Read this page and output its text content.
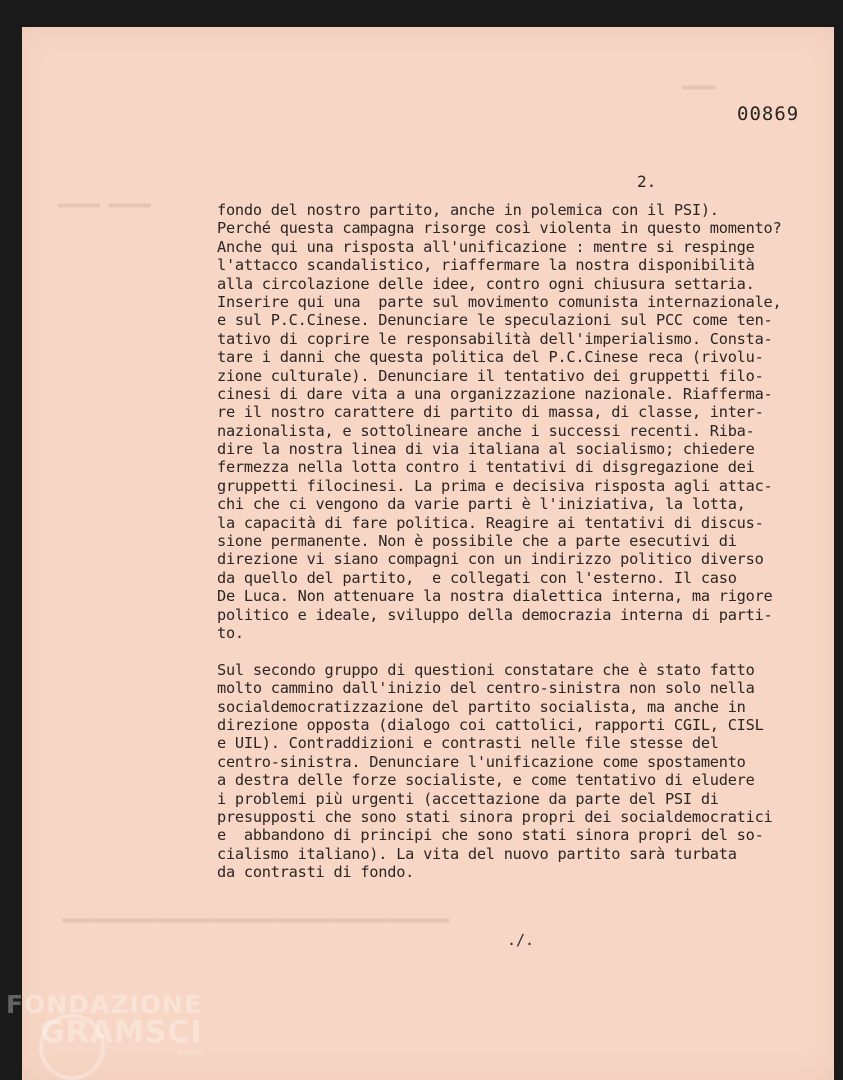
▬▬▬▬▬ ▬▬▬▬▬
▬▬▬▬
▬▬▬▬▬▬▬▬▬▬▬▬▬▬▬▬▬▬▬▬▬▬▬▬▬▬▬▬▬▬▬▬▬▬▬▬▬▬▬▬▬▬▬▬▬▬
00869
2.
fondo del nostro partito, anche in polemica con il PSI).
Perché questa campagna risorge così violenta in questo momento?
Anche qui una risposta all'unificazione : mentre si respinge
l'attacco scandalistico, riaffermare la nostra disponibilità
alla circolazione delle idee, contro ogni chiusura settaria.
Inserire qui una  parte sul movimento comunista internazionale,
e sul P.C.Cinese. Denunciare le speculazioni sul PCC come ten-
tativo di coprire le responsabilità dell'imperialismo. Consta-
tare i danni che questa politica del P.C.Cinese reca (rivolu-
zione culturale). Denunciare il tentativo dei gruppetti filo-
cinesi di dare vita a una organizzazione nazionale. Riafferma-
re il nostro carattere di partito di massa, di classe, inter-
nazionalista, e sottolineare anche i successi recenti. Riba-
dire la nostra linea di via italiana al socialismo; chiedere
fermezza nella lotta contro i tentativi di disgregazione dei
gruppetti filocinesi. La prima e decisiva risposta agli attac-
chi che ci vengono da varie parti è l'iniziativa, la lotta,
la capacità di fare politica. Reagire ai tentativi di discus-
sione permanente. Non è possibile che a parte esecutivi di
direzione vi siano compagni con un indirizzo politico diverso
da quello del partito,  e collegati con l'esterno. Il caso
De Luca. Non attenuare la nostra dialettica interna, ma rigore
politico e ideale, sviluppo della democrazia interna di parti-
to.
Sul secondo gruppo di questioni constatare che è stato fatto
molto cammino dall'inizio del centro-sinistra non solo nella
socialdemocratizzazione del partito socialista, ma anche in
direzione opposta (dialogo coi cattolici, rapporti CGIL, CISL
e UIL). Contraddizioni e contrasti nelle file stesse del
centro-sinistra. Denunciare l'unificazione come spostamento
a destra delle forze socialiste, e come tentativo di eludere
i problemi più urgenti (accettazione da parte del PSI di
presupposti che sono stati sinora propri dei socialdemocratici
e  abbandono di principi che sono stati sinora propri del so-
cialismo italiano). La vita del nuovo partito sarà turbata
da contrasti di fondo.
./.
FONDAZIONE
GRAMSCI
onlus
